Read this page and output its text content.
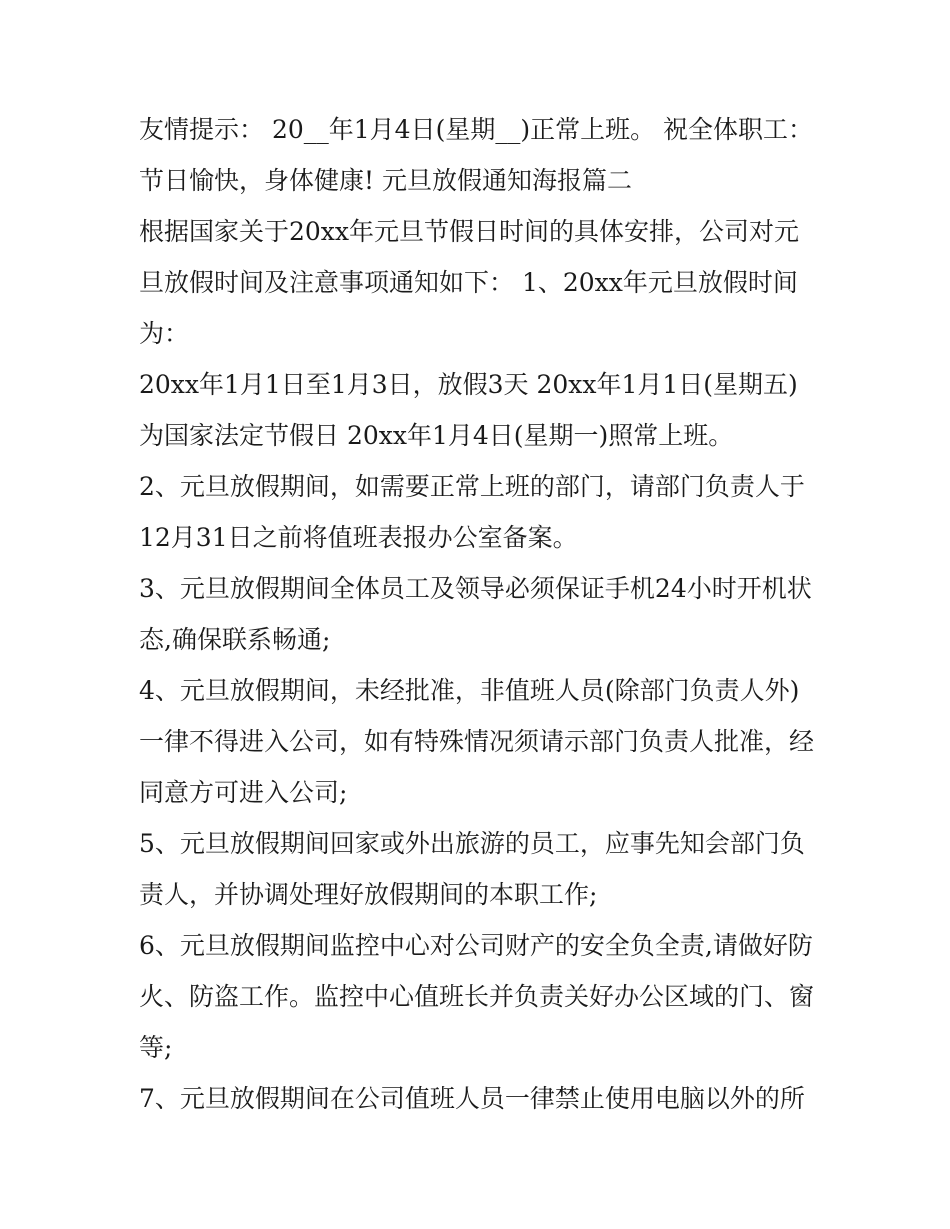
友情提示： 20__年1月4日(星期__)正常上班。 祝全体职工：
节日愉快，身体健康! 元旦放假通知海报篇二
根据国家关于20xx年元旦节假日时间的具体安排，公司对元
旦放假时间及注意事项通知如下： 1、20xx年元旦放假时间
为：
20xx年1月1日至1月3日，放假3天 20xx年1月1日(星期五)
为国家法定节假日 20xx年1月4日(星期一)照常上班。
2、元旦放假期间，如需要正常上班的部门，请部门负责人于
12月31日之前将值班表报办公室备案。
3、元旦放假期间全体员工及领导必须保证手机24小时开机状
态,确保联系畅通;
4、元旦放假期间，未经批准，非值班人员(除部门负责人外)
一律不得进入公司，如有特殊情况须请示部门负责人批准，经
同意方可进入公司;
5、元旦放假期间回家或外出旅游的员工，应事先知会部门负
责人，并协调处理好放假期间的本职工作;
6、元旦放假期间监控中心对公司财产的安全负全责,请做好防
火、防盗工作。监控中心值班长并负责关好办公区域的门、窗
等;
7、元旦放假期间在公司值班人员一律禁止使用电脑以外的所
